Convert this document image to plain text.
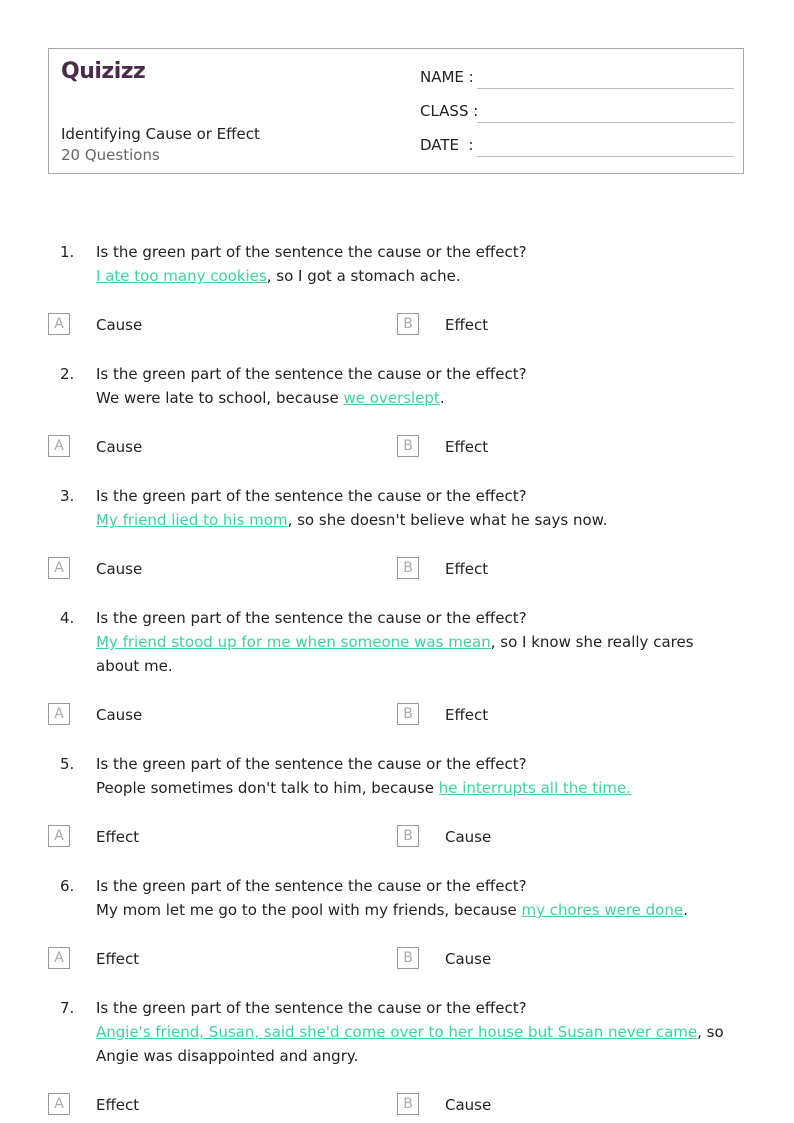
Quizizz
Identifying Cause or Effect
20 Questions
NAME :
CLASS :
DATE  :
1. Is the green part of the sentence the cause or the effect?
I ate too many cookies, so I got a stomach ache.
A	Cause	B	Effect
2. Is the green part of the sentence the cause or the effect?
We were late to school, because we overslept.
A	Cause	B	Effect
3. Is the green part of the sentence the cause or the effect?
My friend lied to his mom, so she doesn't believe what he says now.
A	Cause	B	Effect
4. Is the green part of the sentence the cause or the effect?
My friend stood up for me when someone was mean, so I know she really cares about me.
A	Cause	B	Effect
5. Is the green part of the sentence the cause or the effect?
People sometimes don't talk to him, because he interrupts all the time.
A	Effect	B	Cause
6. Is the green part of the sentence the cause or the effect?
My mom let me go to the pool with my friends, because my chores were done.
A	Effect	B	Cause
7. Is the green part of the sentence the cause or the effect?
Angie's friend, Susan, said she'd come over to her house but Susan never came, so Angie was disappointed and angry.
A	Effect	B	Cause
